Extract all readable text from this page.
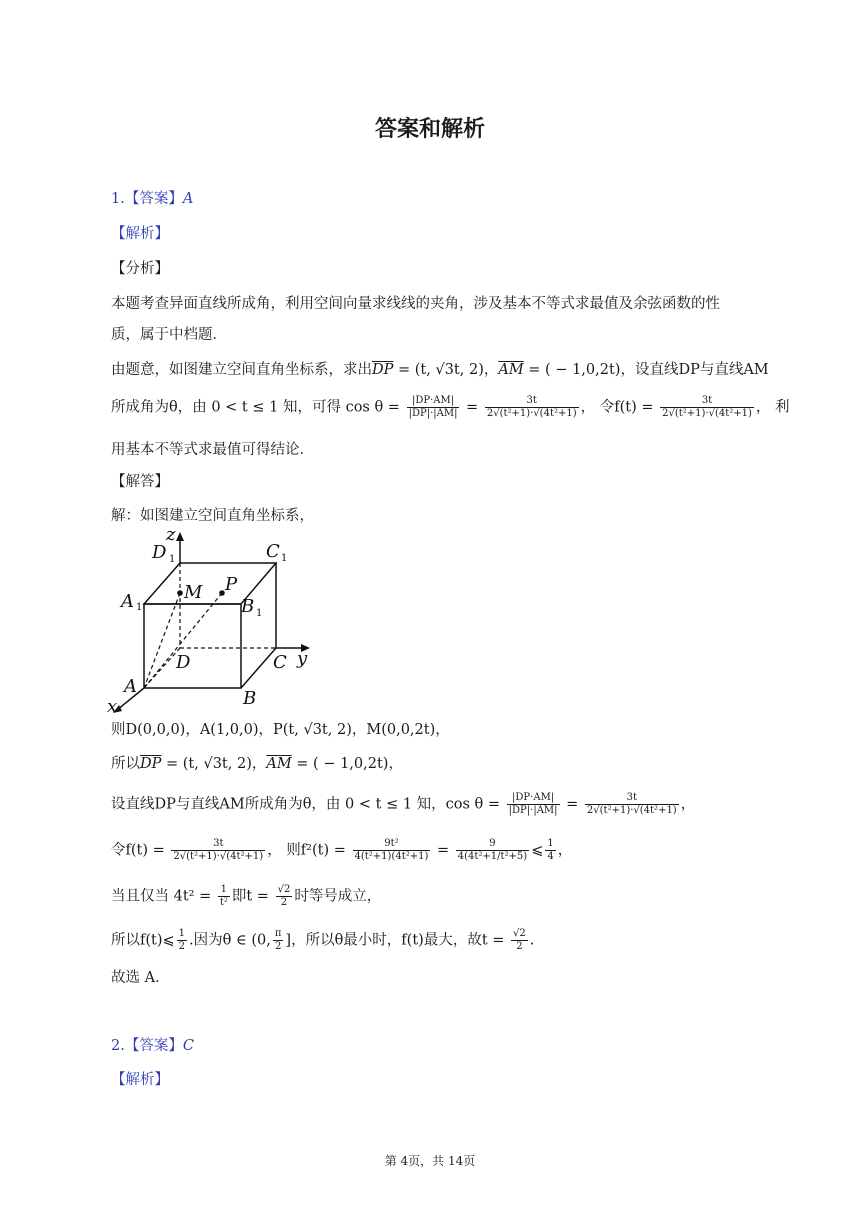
答案和解析
1.【答案】A
【解析】
【分析】
本题考查异面直线所成角，利用空间向量求线线的夹角，涉及基本不等式求最值及余弦函数的性
质，属于中档题．
由题意，如图建立空间直角坐标系，求出$\overline{DP} = (t$, √3t, 2)，$\overline{AM}$ = ( − 1,0,2t)，设直线DP与直线AM
所成角为θ，由 0 < t ≤ 1 知，可得 $\cos \theta = \frac{|DP\cdot AM|}{|DP|\cdot|AM|} = \frac{3t}{\text{2√(t²+1)·√(4t²+1)}}$ ， 令$f(t) = \frac{3t}{\text{2√(t²+1)·√(4t²+1)}}$ ， 利
用基本不等式求最值可得结论．
【解答】
解：如图建立空间直角坐标系，
z
y
x
D	C
A	B
M P
D	C
A
B
1	1
1
1
则D(0,0,0)，A(1,0,0)，P(t, √3t, 2)，M(0,0,2t)，
所以$\overline{DP} = (t$, √3t, 2)，$\overline{AM}$ = ( − 1,0,2t)，
设直线DP与直线AM所成角为θ，由 0 < t ≤ 1 知，$\cos \theta = \frac{|DP\cdot AM|}{|DP|\cdot|AM|} = \frac{3t}{\text{2√(t²+1)·√(4t²+1)}}$ ，
令$f(t) = \frac{3t}{\text{2√(t²+1)·√(4t²+1)}}$ ， 则$f^2(t) = \frac{\text{9t²}}{\text{4(t²+1)(4t²+1)}} = \frac{9}{\text{4(4t²+1/t²+5)}}$ ⩽ $\frac{1}{4}$ ，
当且仅当 $4t^2 = \frac{1}{\text{t²}}$ 即$t = \frac{√2}{2}$ 时等号成立，
所以f(t)⩽ $\frac{1}{2}$ .因为θ ∈ (0, $\frac{\pi}{2}$ ]，所以θ最小时，f(t)最大，故$t = \frac{√2}{2}$ .
故选 A．
2.【答案】C
【解析】
第 4页，共 14页
